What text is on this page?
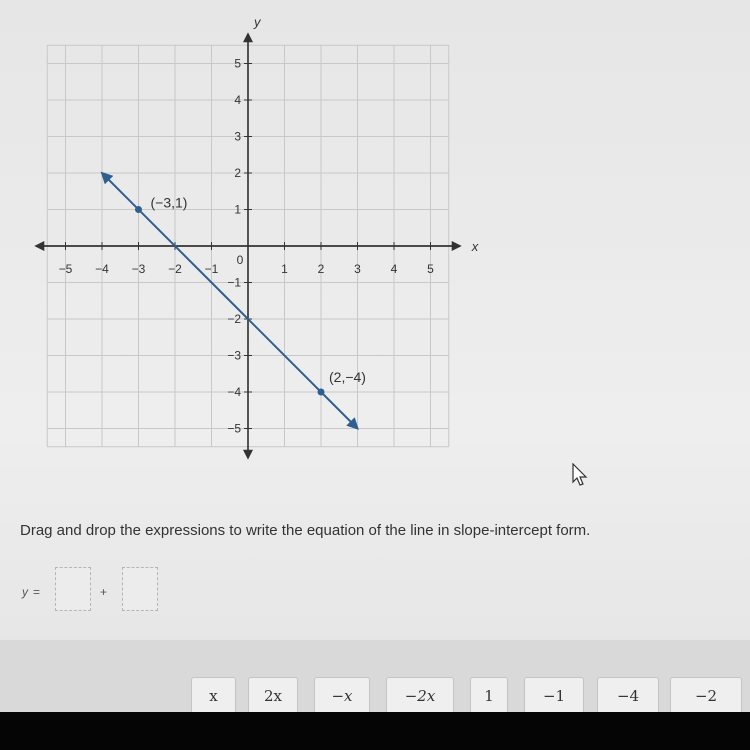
x
y
−5 −4 −3 −2 −1
0
1 2 3 4 5
5
4
3
2
1
−1
−2
−3
−4
−5
(−3,1)
(2,−4)

Drag and drop the expressions to write the equation of the line in slope-intercept form.

y =	+
x	2x	−x	−2x	1	−1	−4	−2
